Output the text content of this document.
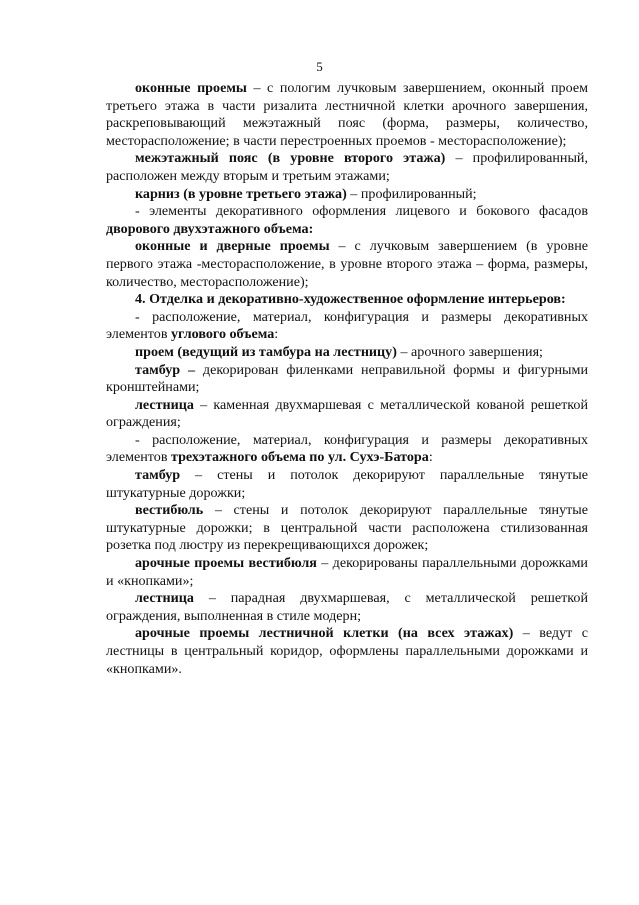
5

оконные проемы – с пологим лучковым завершением, оконный проем третьего этажа в части ризалита лестничной клетки арочного завершения, раскреповывающий межэтажный пояс (форма, размеры, количество, месторасположение; в части перестроенных проемов - месторасположение);

межэтажный пояс (в уровне второго этажа) – профилированный, расположен между вторым и третьим этажами;

карниз (в уровне третьего этажа) – профилированный;

- элементы декоративного оформления лицевого и бокового фасадов дворового двухэтажного объема:

оконные и дверные проемы – с лучковым завершением (в уровне первого этажа -месторасположение, в уровне второго этажа – форма, размеры, количество, месторасположение);

4. Отделка и декоративно-художественное оформление интерьеров:

- расположение, материал, конфигурация и размеры декоративных элементов углового объема:

проем (ведущий из тамбура на лестницу) – арочного завершения;

тамбур – декорирован филенками неправильной формы и фигурными кронштейнами;

лестница – каменная двухмаршевая с металлической кованой решеткой ограждения;

- расположение, материал, конфигурация и размеры декоративных элементов трехэтажного объема по ул. Сухэ-Батора:

тамбур – стены и потолок декорируют параллельные тянутые штукатурные дорожки;

вестибюль – стены и потолок декорируют параллельные тянутые штукатурные дорожки; в центральной части расположена стилизованная розетка под люстру из перекрещивающихся дорожек;

арочные проемы вестибюля – декорированы параллельными дорожками и «кнопками»;

лестница – парадная двухмаршевая, с металлической решеткой ограждения, выполненная в стиле модерн;

арочные проемы лестничной клетки (на всех этажах) – ведут с лестницы в центральный коридор, оформлены параллельными дорожками и «кнопками».
